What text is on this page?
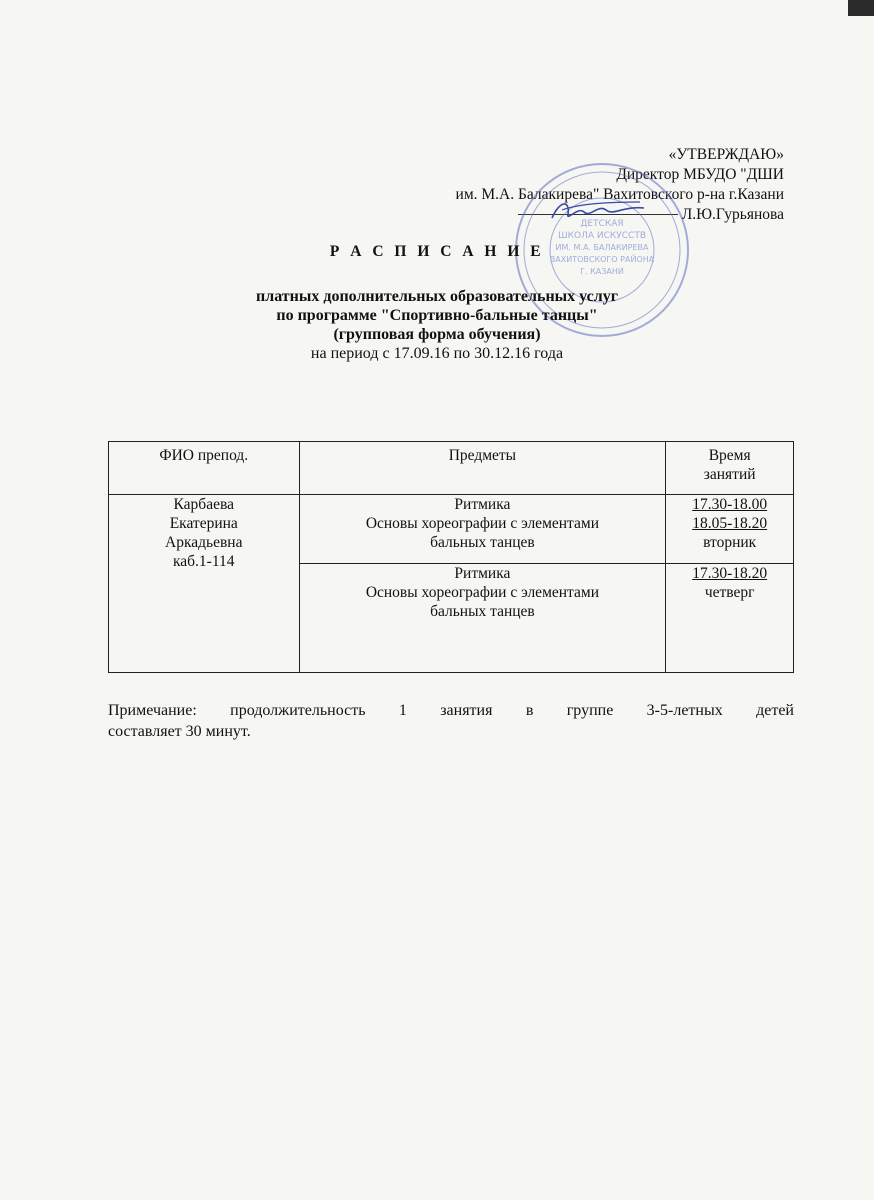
«УТВЕРЖДАЮ»
Директор МБУДО "ДШИ
им. М.А. Балакирева" Вахитовского р-на г.Казани
Л.Ю.Гурьянова
ДЕТСКАЯ
ШКОЛА ИСКУССТВ
ИМ. М.А. БАЛАКИРЕВА
ВАХИТОВСКОГО РАЙОНА
Г. КАЗАНИ
Р А С П И С А Н И Е
платных дополнительных образовательных услуг
по программе "Спортивно-бальные танцы"
(групповая форма обучения)
на период с 17.09.16 по 30.12.16 года
ФИО препод.	Предметы	Время
занятий

Карбаева
Екатерина
Аркадьевна
каб.1-114	Ритмика
Основы хореографии с элементами
бальных танцев	17.30-18.00
18.05-18.20
вторник

	Ритмика
Основы хореографии с элементами
бальных танцев	17.30-18.20
четверг
Примечание: продолжительность 1 занятия в группе 3-5-летных детей
составляет 30 минут.
